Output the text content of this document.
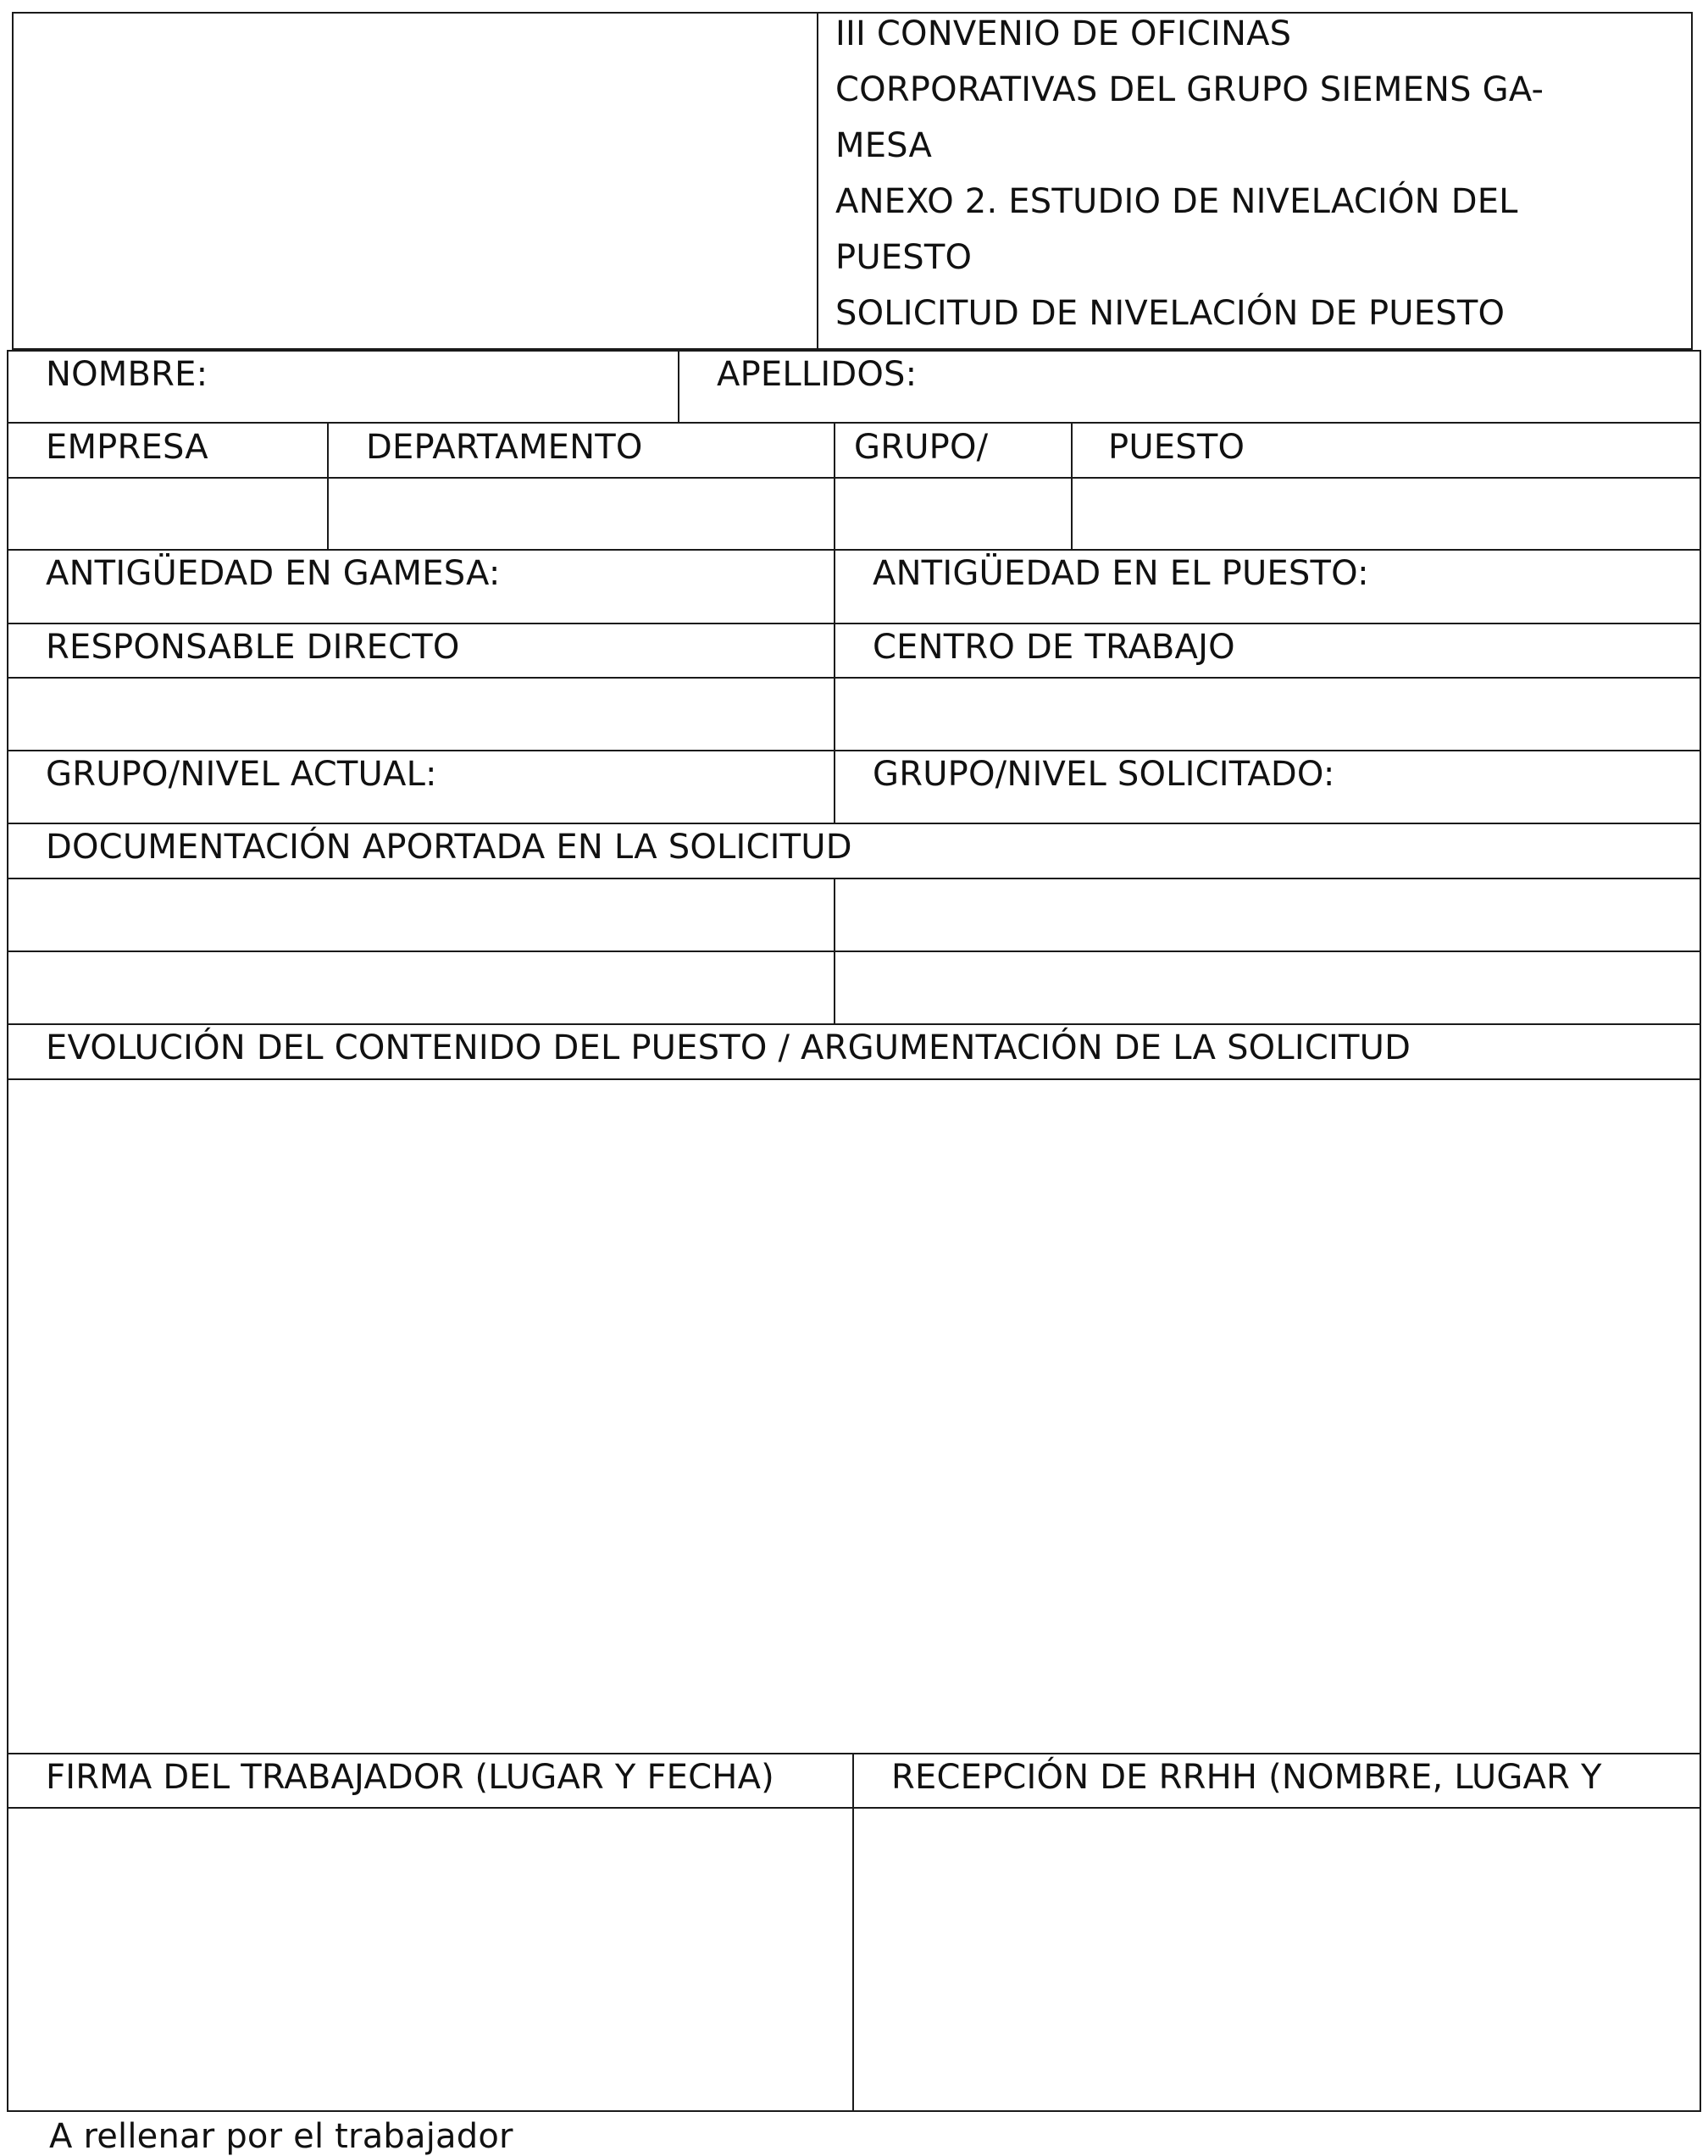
III CONVENIO DE OFICINAS
CORPORATIVAS DEL GRUPO SIEMENS GA-
MESA
ANEXO 2. ESTUDIO DE NIVELACIÓN DEL
PUESTO
SOLICITUD DE NIVELACIÓN DE PUESTO
NOMBRE:	APELLIDOS:
EMPRESA	DEPARTAMENTO	GRUPO/	PUESTO
ANTIGÜEDAD EN GAMESA:	ANTIGÜEDAD EN EL PUESTO:
RESPONSABLE DIRECTO	CENTRO DE TRABAJO
GRUPO/NIVEL ACTUAL:	GRUPO/NIVEL SOLICITADO:
DOCUMENTACIÓN APORTADA EN LA SOLICITUD
EVOLUCIÓN DEL CONTENIDO DEL PUESTO / ARGUMENTACIÓN DE LA SOLICITUD
FIRMA DEL TRABAJADOR (LUGAR Y FECHA)	RECEPCIÓN DE RRHH (NOMBRE, LUGAR Y
A rellenar por el trabajador
